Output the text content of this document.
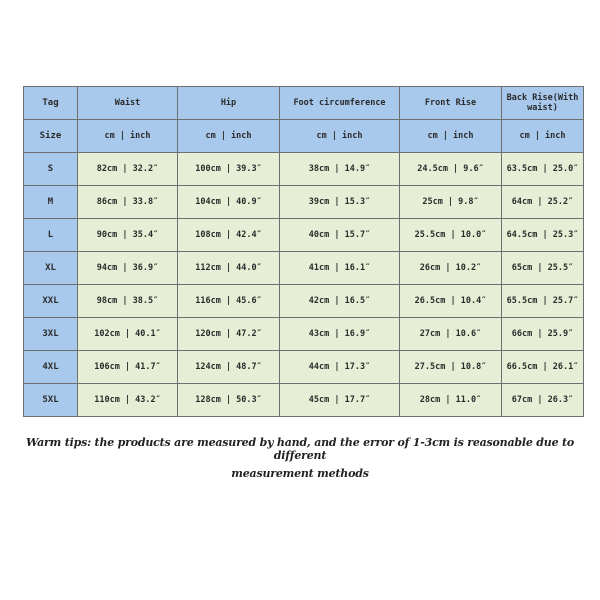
Tag	Waist	Hip	Foot circumference	Front Rise	Back Rise(With waist)
Size	cm | inch	cm | inch	cm | inch	cm | inch	cm | inch
S	82cm | 32.2″	100cm | 39.3″	38cm | 14.9″	24.5cm | 9.6″	63.5cm | 25.0″
M	86cm | 33.8″	104cm | 40.9″	39cm | 15.3″	25cm | 9.8″	64cm | 25.2″
L	90cm | 35.4″	108cm | 42.4″	40cm | 15.7″	25.5cm | 10.0″	64.5cm | 25.3″
XL	94cm | 36.9″	112cm | 44.0″	41cm | 16.1″	26cm | 10.2″	65cm | 25.5″
XXL	98cm | 38.5″	116cm | 45.6″	42cm | 16.5″	26.5cm | 10.4″	65.5cm | 25.7″
3XL	102cm | 40.1″	120cm | 47.2″	43cm | 16.9″	27cm | 10.6″	66cm | 25.9″
4XL	106cm | 41.7″	124cm | 48.7″	44cm | 17.3″	27.5cm | 10.8″	66.5cm | 26.1″
5XL	110cm | 43.2″	128cm | 50.3″	45cm | 17.7″	28cm | 11.0″	67cm | 26.3″
Warm tips: the products are measured by hand, and the error of 1-3cm is reasonable due to different
measurement methods
